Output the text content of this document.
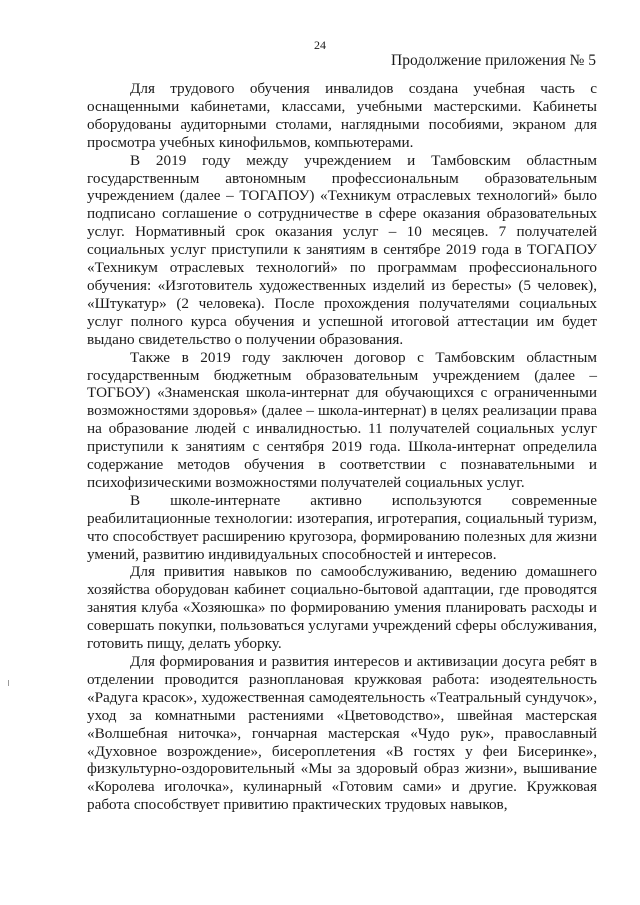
24
Продолжение приложения № 5

Для трудового обучения инвалидов создана учебная часть с оснащенными кабинетами, классами, учебными мастерскими. Кабинеты оборудованы аудиторными столами, наглядными пособиями, экраном для просмотра учебных кинофильмов, компьютерами.

В 2019 году между учреждением и Тамбовским областным государственным автономным профессиональным образовательным учреждением (далее – ТОГАПОУ) «Техникум отраслевых технологий» было подписано соглашение о сотрудничестве в сфере оказания образовательных услуг. Нормативный срок оказания услуг – 10 месяцев. 7 получателей социальных услуг приступили к занятиям в сентябре 2019 года в ТОГАПОУ «Техникум отраслевых технологий» по программам профессионального обучения: «Изготовитель художественных изделий из бересты» (5 человек), «Штукатур» (2 человека). После прохождения получателями социальных услуг полного курса обучения и успешной итоговой аттестации им будет выдано свидетельство о получении образования.

Также в 2019 году заключен договор с Тамбовским областным государственным бюджетным образовательным учреждением (далее – ТОГБОУ) «Знаменская школа-интернат для обучающихся с ограниченными возможностями здоровья» (далее – школа-интернат) в целях реализации права на образование людей с инвалидностью. 11 получателей социальных услуг приступили к занятиям с сентября 2019 года. Школа-интернат определила содержание методов обучения в соответствии с познавательными и психофизическими возможностями получателей социальных услуг.

В школе-интернате активно используются современные реабилитационные технологии: изотерапия, игротерапия, социальный туризм, что способствует расширению кругозора, формированию полезных для жизни умений, развитию индивидуальных способностей и интересов.

Для привития навыков по самообслуживанию, ведению домашнего хозяйства оборудован кабинет социально-бытовой адаптации, где проводятся занятия клуба «Хозяюшка» по формированию умения планировать расходы и совершать покупки, пользоваться услугами учреждений сферы обслуживания, готовить пищу, делать уборку.

Для формирования и развития интересов и активизации досуга ребят в отделении проводится разноплановая кружковая работа: изодеятельность «Радуга красок», художественная самодеятельность «Театральный сундучок», уход за комнатными растениями «Цветоводство», швейная мастерская «Волшебная ниточка», гончарная мастерская «Чудо рук», православный «Духовное возрождение», бисероплетения «В гостях у феи Бисеринке», физкультурно-оздоровительный «Мы за здоровый образ жизни», вышивание «Королева иголочка», кулинарный «Готовим сами» и другие. Кружковая работа способствует привитию практических трудовых навыков,
